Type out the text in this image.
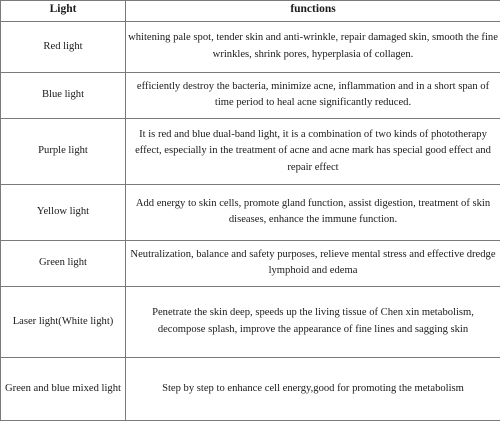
Light	functions
Red light	whitening pale spot, tender skin and anti-wrinkle, repair damaged skin, smooth the fine wrinkles, shrink pores, hyperplasia of collagen.
Blue light	efficiently destroy the bacteria, minimize acne, inflammation and in a short span of time period to heal acne significantly reduced.
Purple light	It is red and blue dual-band light, it is a combination of two kinds of phototherapy effect, especially in the treatment of acne and acne mark has special good effect and repair effect
Yellow light	Add energy to skin cells, promote gland function, assist digestion, treatment of skin diseases, enhance the immune function.
Green light	Neutralization, balance and safety purposes, relieve mental stress and effective dredge lymphoid and edema
Laser light(White light)	Penetrate the skin deep, speeds up the living tissue of Chen xin metabolism, decompose splash, improve the appearance of fine lines and sagging skin
Green and blue mixed light	Step by step to enhance cell energy,good for promoting the metabolism
